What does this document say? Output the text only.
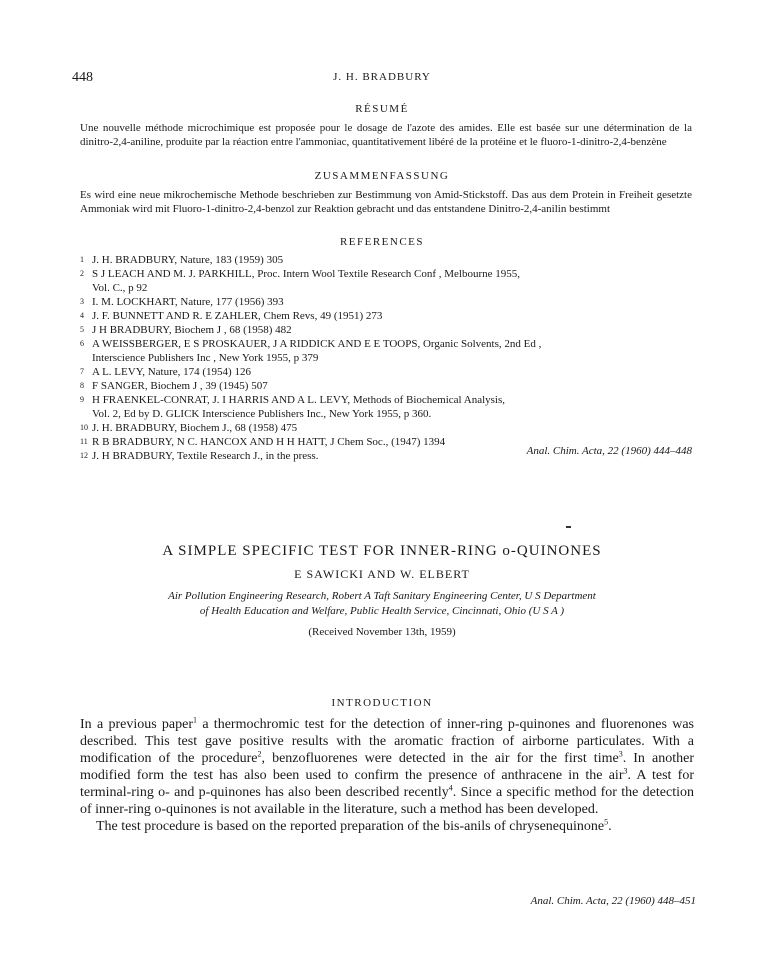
448	J. H. BRADBURY
RÉSUMÉ
Une nouvelle méthode microchimique est proposée pour le dosage de l'azote des amides. Elle est basée sur une détermination de la dinitro-2,4-aniline, produite par la réaction entre l'ammoniac, quantitativement libéré de la protéine et le fluoro-1-dinitro-2,4-benzène
ZUSAMMENFASSUNG
Es wird eine neue mikrochemische Methode beschrieben zur Bestimmung von Amid-Stickstoff. Das aus dem Protein in Freiheit gesetzte Ammoniak wird mit Fluoro-1-dinitro-2,4-benzol zur Reaktion gebracht und das entstandene Dinitro-2,4-anilin bestimmt
REFERENCES
1 J. H. BRADBURY, Nature, 183 (1959) 305
2 S J LEACH AND M. J. PARKHILL, Proc. Intern Wool Textile Research Conf , Melbourne 1955,
Vol. C., p 92
3 I. M. LOCKHART, Nature, 177 (1956) 393
4 J. F. BUNNETT AND R. E ZAHLER, Chem Revs, 49 (1951) 273
5 J H BRADBURY, Biochem J , 68 (1958) 482
6 A WEISSBERGER, E S PROSKAUER, J A RIDDICK AND E E TOOPS, Organic Solvents, 2nd Ed ,
Interscience Publishers Inc , New York 1955, p 379
7 A L. LEVY, Nature, 174 (1954) 126
8 F SANGER, Biochem J , 39 (1945) 507
9 H FRAENKEL-CONRAT, J. I HARRIS AND A L. LEVY, Methods of Biochemical Analysis,
Vol. 2, Ed by D. GLICK Interscience Publishers Inc., New York 1955, p 360.
10 J. H. BRADBURY, Biochem J., 68 (1958) 475
11 R B BRADBURY, N C. HANCOX AND H H HATT, J Chem Soc., (1947) 1394
12 J. H BRADBURY, Textile Research J., in the press.	Anal. Chim. Acta, 22 (1960) 444–448
A SIMPLE SPECIFIC TEST FOR INNER-RING o-QUINONES
E SAWICKI AND W. ELBERT
Air Pollution Engineering Research, Robert A Taft Sanitary Engineering Center, U S Department
of Health Education and Welfare, Public Health Service, Cincinnati, Ohio (U S A )
(Received November 13th, 1959)
INTRODUCTION

In a previous paper$^1$ a thermochromic test for the detection of inner-ring p-quinones and fluorenones was described. This test gave positive results with the aromatic fraction of airborne particulates. With a modification of the procedure$^2$, benzofluorenes were detected in the air for the first time$^3$. In another modified form the test has also been used to confirm the presence of anthracene in the air$^3$. A test for terminal-ring o- and p-quinones has also been described recently$^4$. Since a specific method for the detection of inner-ring o-quinones is not available in the literature, such a method has been developed.

The test procedure is based on the reported preparation of the bis-anils of chrysenequinone$^5$.

Anal. Chim. Acta, 22 (1960) 448–451
